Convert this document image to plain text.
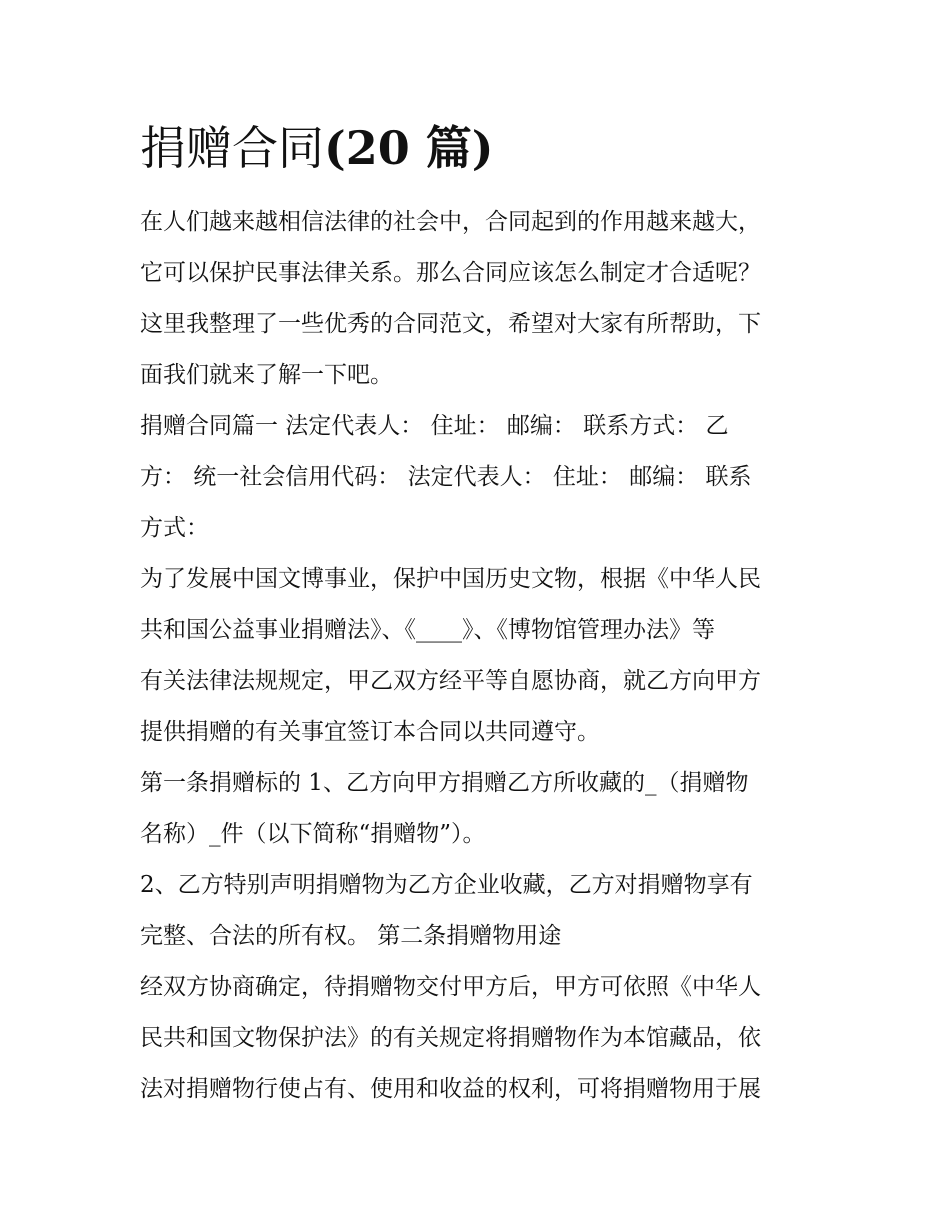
捐赠合同(20 篇)
在人们越来越相信法律的社会中，合同起到的作用越来越大，
它可以保护民事法律关系。那么合同应该怎么制定才合适呢？
这里我整理了一些优秀的合同范文，希望对大家有所帮助，下
面我们就来了解一下吧。
捐赠合同篇一 法定代表人： 住址： 邮编： 联系方式： 乙
方： 统一社会信用代码： 法定代表人： 住址： 邮编： 联系
方式：
为了发展中国文博事业，保护中国历史文物，根据《中华人民
共和国公益事业捐赠法》、《____》、《博物馆管理办法》等
有关法律法规规定，甲乙双方经平等自愿协商，就乙方向甲方
提供捐赠的有关事宜签订本合同以共同遵守。
第一条捐赠标的 1、乙方向甲方捐赠乙方所收藏的_（捐赠物
名称）_件（以下简称“捐赠物”）。
2、乙方特别声明捐赠物为乙方企业收藏，乙方对捐赠物享有
完整、合法的所有权。 第二条捐赠物用途
经双方协商确定，待捐赠物交付甲方后，甲方可依照《中华人
民共和国文物保护法》的有关规定将捐赠物作为本馆藏品，依
法对捐赠物行使占有、使用和收益的权利，可将捐赠物用于展
